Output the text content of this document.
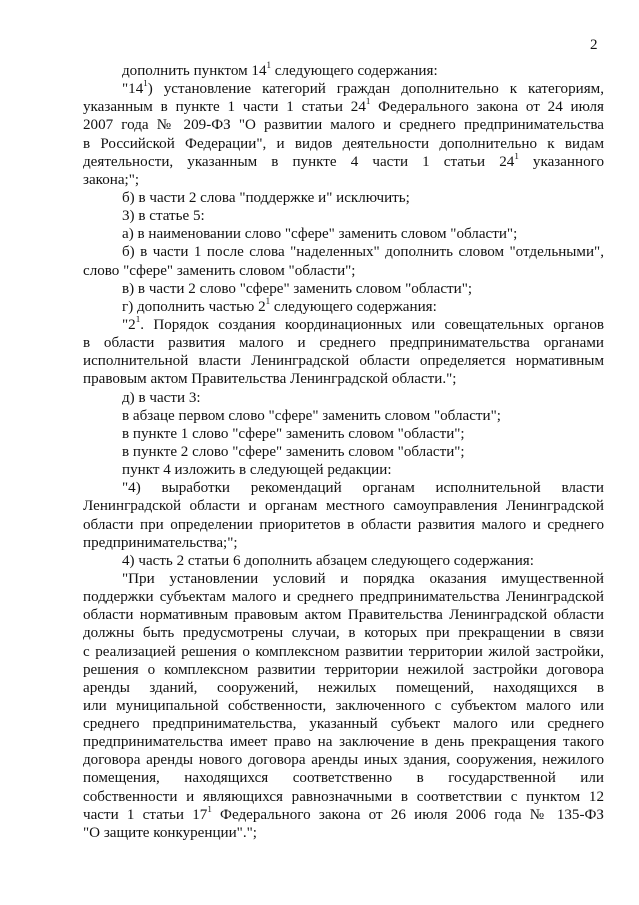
2
дополнить пунктом $14^1$ следующего содержания:
"$14^1$) установление категорий граждан дополнительно к категориям,
указанным в пункте 1 части 1 статьи $24^1$ Федерального закона от 24 июля
2007 года № 209-ФЗ "О развитии малого и среднего предпринимательства
в Российской Федерации", и видов деятельности дополнительно к видам
деятельности, указанным в пункте 4 части 1 статьи $24^1$ указанного
закона;";
б) в части 2 слова "поддержке и" исключить;
3) в статье 5:
а) в наименовании слово "сфере" заменить словом "области";
б) в части 1 после слова "наделенных" дополнить словом "отдельными",
слово "сфере" заменить словом "области";
в) в части 2 слово "сфере" заменить словом "области";
г) дополнить частью $2^1$ следующего содержания:
"$2^1$. Порядок создания координационных или совещательных органов
в области развития малого и среднего предпринимательства органами
исполнительной власти Ленинградской области определяется нормативным
правовым актом Правительства Ленинградской области.";
д) в части 3:
в абзаце первом слово "сфере" заменить словом "области";
в пункте 1 слово "сфере" заменить словом "области";
в пункте 2 слово "сфере" заменить словом "области";
пункт 4 изложить в следующей редакции:
"4) выработки рекомендаций органам исполнительной власти
Ленинградской области и органам местного самоуправления Ленинградской
области при определении приоритетов в области развития малого и среднего
предпринимательства;";
4) часть 2 статьи 6 дополнить абзацем следующего содержания:
"При установлении условий и порядка оказания имущественной
поддержки субъектам малого и среднего предпринимательства Ленинградской
области нормативным правовым актом Правительства Ленинградской области
должны быть предусмотрены случаи, в которых при прекращении в связи
с реализацией решения о комплексном развитии территории жилой застройки,
решения о комплексном развитии территории нежилой застройки договора
аренды зданий, сооружений, нежилых помещений, находящихся в
или муниципальной собственности, заключенного с субъектом малого или
среднего предпринимательства, указанный субъект малого или среднего
предпринимательства имеет право на заключение в день прекращения такого
договора аренды нового договора аренды иных здания, сооружения, нежилого
помещения, находящихся соответственно в государственной или
собственности и являющихся равнозначными в соответствии с пунктом 12
части 1 статьи $17^1$ Федерального закона от 26 июля 2006 года № 135-ФЗ
"О защите конкуренции".";
